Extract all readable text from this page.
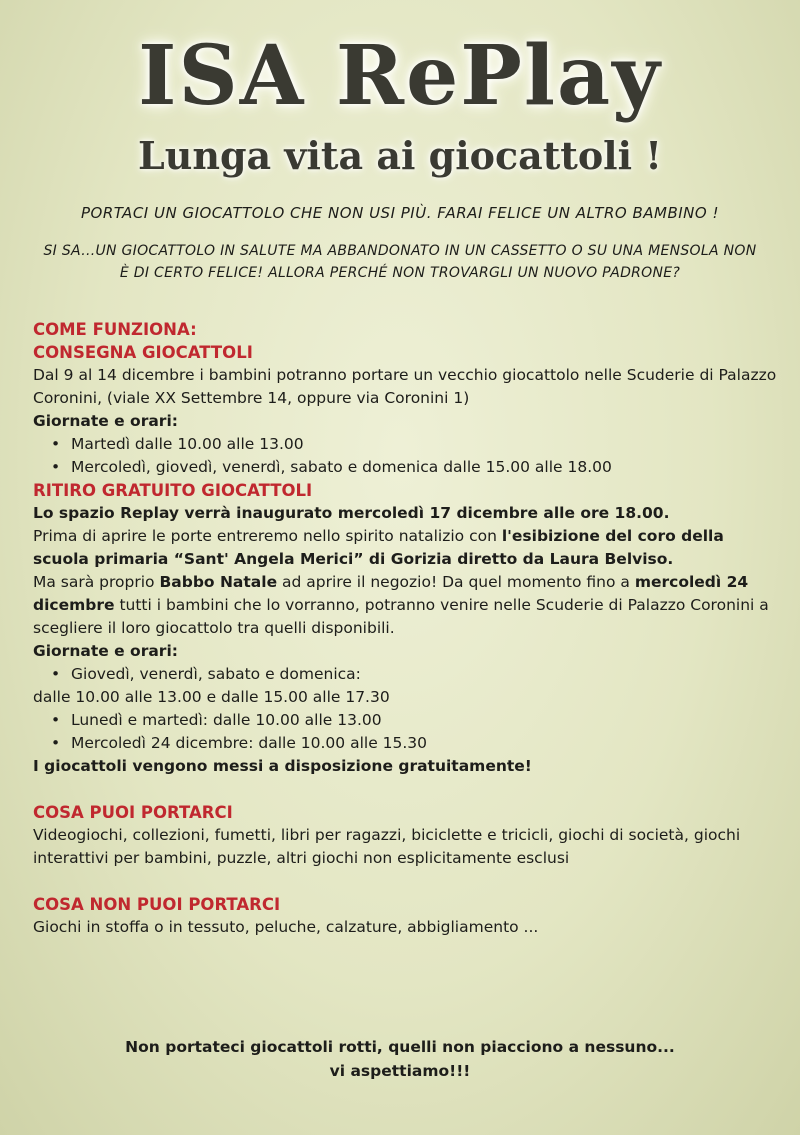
ISA RePlay
Lunga vita ai giocattoli !
PORTACI UN GIOCATTOLO CHE NON USI PIÙ. FARAI FELICE UN ALTRO BAMBINO !
SI SA...UN GIOCATTOLO IN SALUTE MA ABBANDONATO IN UN CASSETTO O SU UNA MENSOLA NON È DI CERTO FELICE! ALLORA PERCHÉ NON TROVARGLI UN NUOVO PADRONE?
COME FUNZIONA:
CONSEGNA GIOCATTOLI

Dal 9 al 14 dicembre i bambini potranno portare un vecchio giocattolo nelle Scuderie di Palazzo Coronini, (viale XX Settembre 14, oppure via Coronini 1)

Giornate e orari:
• Martedì dalle 10.00 alle 13.00
• Mercoledì, giovedì, venerdì, sabato e domenica dalle 15.00 alle 18.00
RITIRO GRATUITO GIOCATTOLI

Lo spazio Replay verrà inaugurato mercoledì 17 dicembre alle ore 18.00.

Prima di aprire le porte entreremo nello spirito natalizio con l'esibizione del coro della scuola primaria “Sant' Angela Merici” di Gorizia diretto da Laura Belviso.

Ma sarà proprio Babbo Natale ad aprire il negozio! Da quel momento fino a mercoledì 24 dicembre tutti i bambini che lo vorranno, potranno venire nelle Scuderie di Palazzo Coronini a scegliere il loro giocattolo tra quelli disponibili.

Giornate e orari:
• Giovedì, venerdì, sabato e domenica:
dalle 10.00 alle 13.00 e dalle 15.00 alle 17.30
• Lunedì e martedì: dalle 10.00 alle 13.00
• Mercoledì 24 dicembre: dalle 10.00 alle 15.30
I giocattoli vengono messi a disposizione gratuitamente!
COSA PUOI PORTARCI

Videogiochi, collezioni, fumetti, libri per ragazzi, biciclette e tricicli, giochi di società, giochi interattivi per bambini, puzzle, altri giochi non esplicitamente esclusi

COSA NON PUOI PORTARCI

Giochi in stoffa o in tessuto, peluche, calzature, abbigliamento ...

Non portateci giocattoli rotti, quelli non piacciono a nessuno...
vi aspettiamo!!!
